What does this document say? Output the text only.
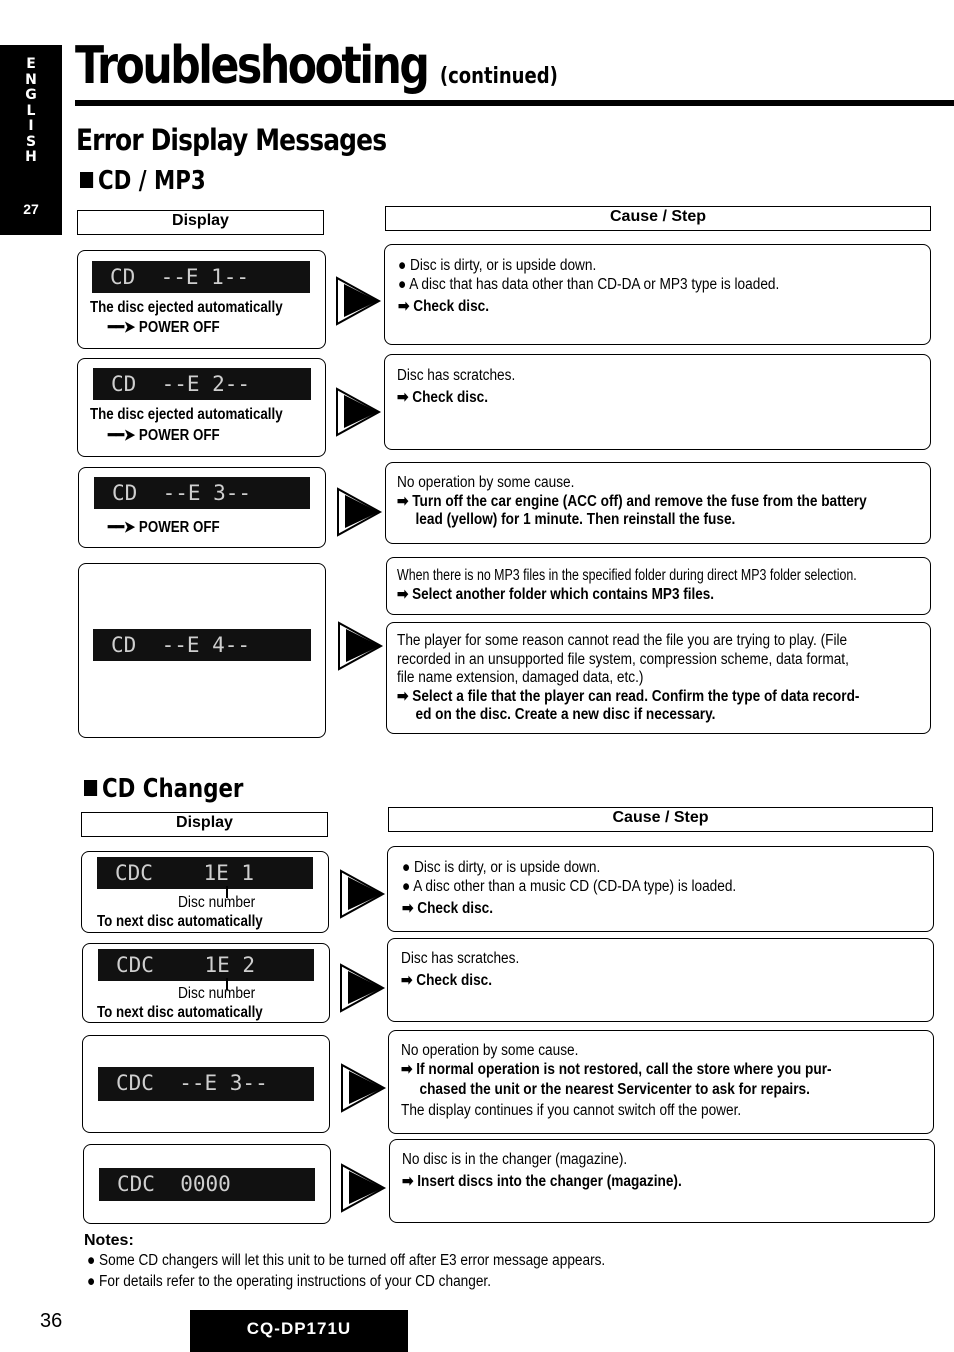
E
N
G
L
I
S
H
27
Troubleshooting (continued)
Error Display Messages
CD / MP3
Display	Cause / Step
CD  --E 1--
The disc ejected automatically
━━➤ POWER OFF
● Disc is dirty, or is upside down.
● A disc that has data other than CD-DA or MP3 type is loaded.
➡ Check disc.
CD  --E 2--
The disc ejected automatically
━━➤ POWER OFF
Disc has scratches.
➡ Check disc.
CD  --E 3--
━━➤ POWER OFF
No operation by some cause.
➡ Turn off the car engine (ACC off) and remove the fuse from the battery
lead (yellow) for 1 minute. Then reinstall the fuse.
CD  --E 4--
When there is no MP3 files in the specified folder during direct MP3 folder selection.
➡ Select another folder which contains MP3 files.
The player for some reason cannot read the file you are trying to play. (File
recorded in an unsupported file system, compression scheme, data format,
file name extension, damaged data, etc.)
➡ Select a file that the player can read. Confirm the type of data record-
ed on the disc. Create a new disc if necessary.
CD Changer
Display	Cause / Step
CDC    1E 1
Disc number
To next disc automatically
● Disc is dirty, or is upside down.
● A disc other than a music CD (CD-DA type) is loaded.
➡ Check disc.
CDC    1E 2
Disc number
To next disc automatically
Disc has scratches.
➡ Check disc.
CDC  --E 3--
No operation by some cause.
➡ If normal operation is not restored, call the store where you pur-
chased the unit or the nearest Servicenter to ask for repairs.
The display continues if you cannot switch off the power.
CDC  0000
No disc is in the changer (magazine).
➡ Insert discs into the changer (magazine).
Notes:
● Some CD changers will let this unit to be turned off after E3 error message appears.
● For details refer to the operating instructions of your CD changer.
36	CQ-DP171U
